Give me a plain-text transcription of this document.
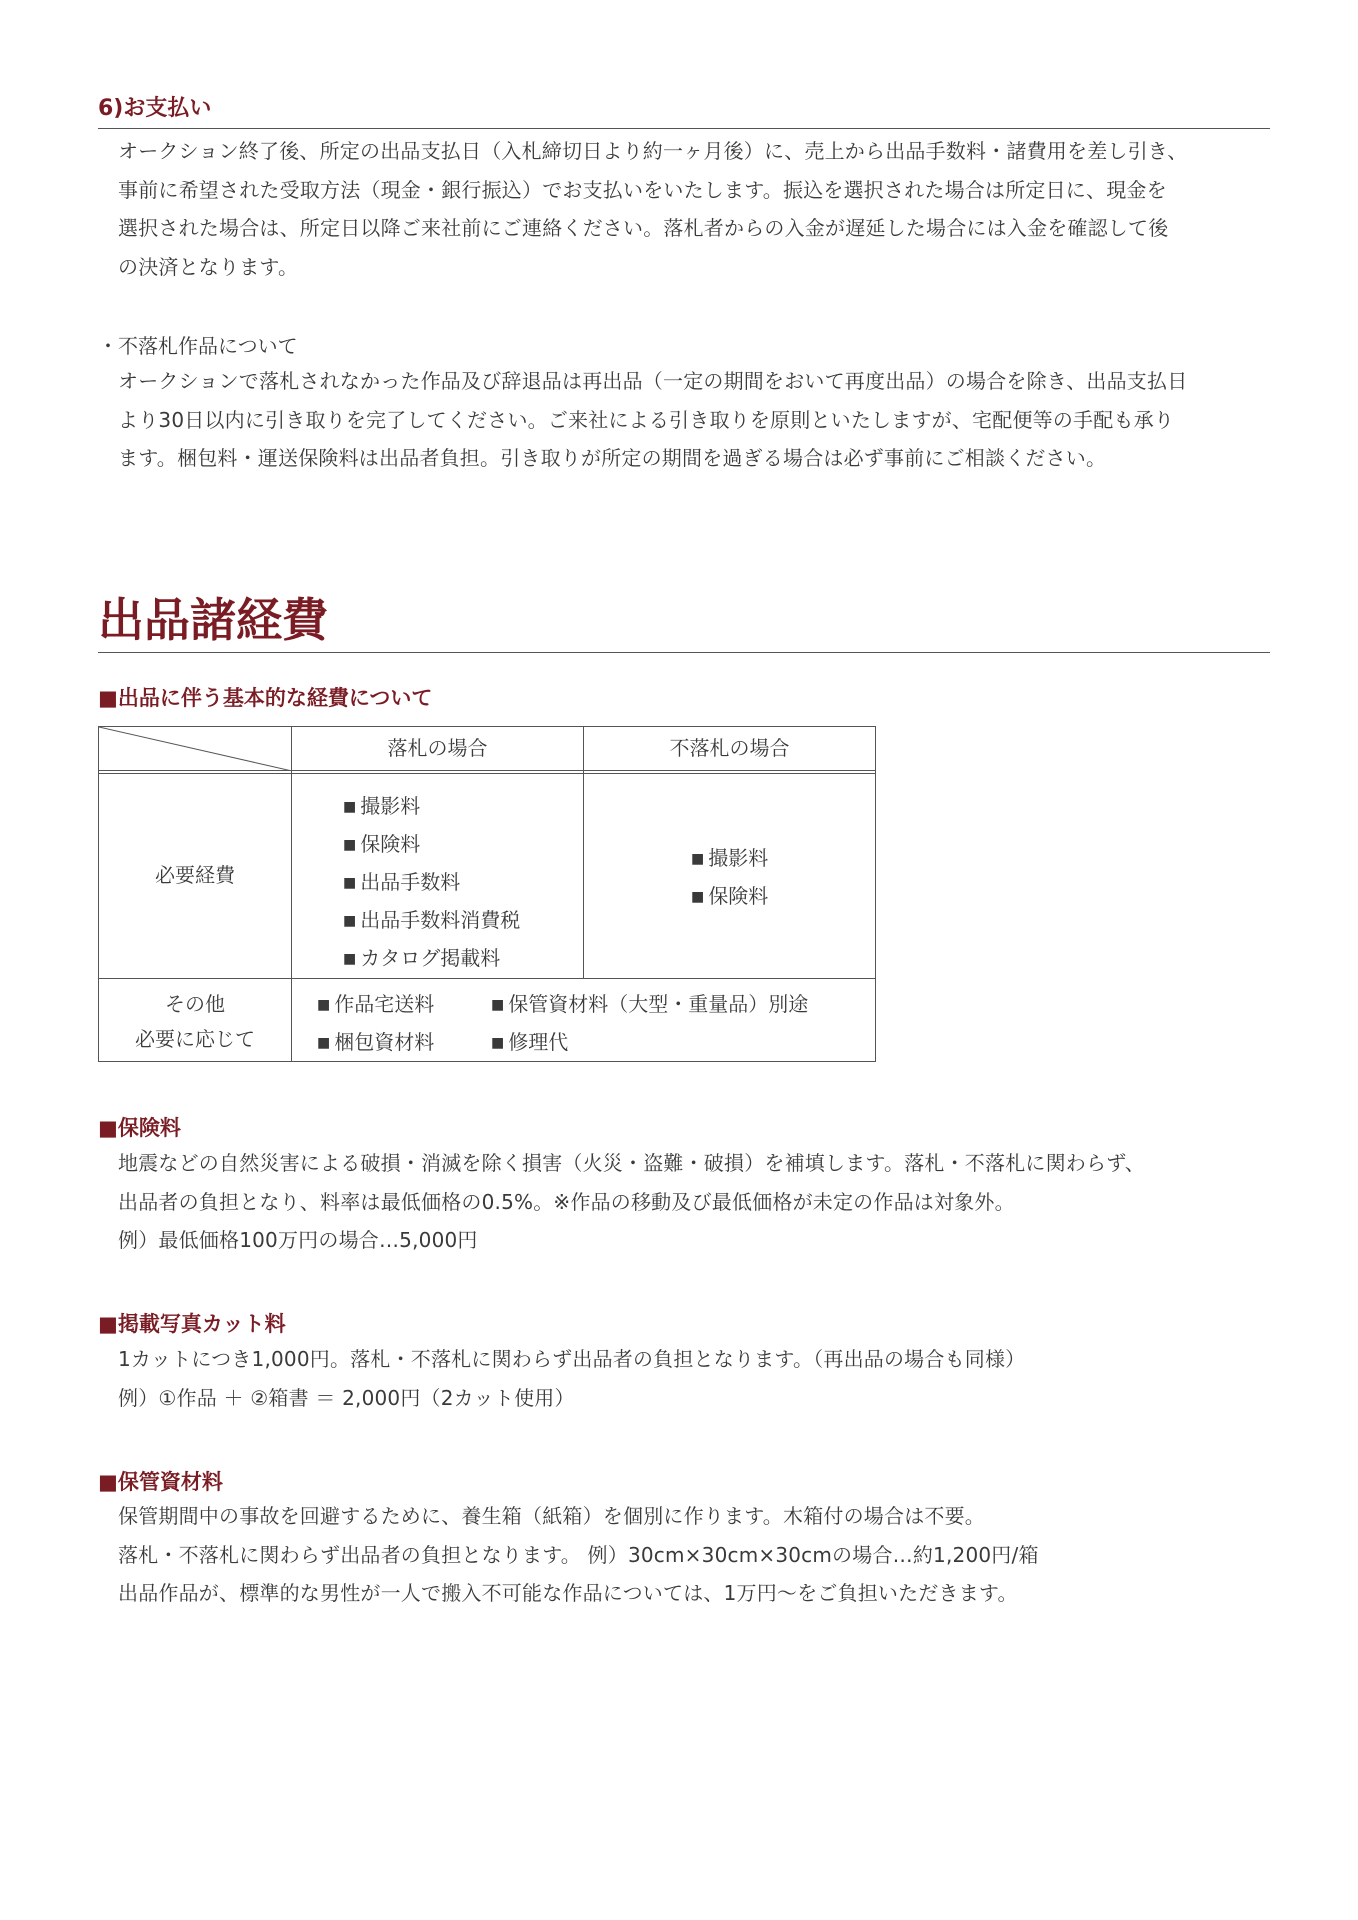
6)お支払い

オークション終了後、所定の出品支払日（入札締切日より約一ヶ月後）に、売上から出品手数料・諸費用を差し引き、

事前に希望された受取方法（現金・銀行振込）でお支払いをいたします。振込を選択された場合は所定日に、現金を

選択された場合は、所定日以降ご来社前にご連絡ください。落札者からの入金が遅延した場合には入金を確認して後

の決済となります。

・不落札作品について

オークションで落札されなかった作品及び辞退品は再出品（一定の期間をおいて再度出品）の場合を除き、出品支払日

より30日以内に引き取りを完了してください。ご来社による引き取りを原則といたしますが、宅配便等の手配も承り

ます。梱包料・運送保険料は出品者負担。引き取りが所定の期間を過ぎる場合は必ず事前にご相談ください。

出品諸経費
■出品に伴う基本的な経費について
落札の場合	不落札の場合
必要経費
■ 撮影料
■ 保険料
■ 出品手数料
■ 出品手数料消費税
■ カタログ掲載料
■ 撮影料
■ 保険料
その他
必要に応じて
■ 作品宅送料
■ 梱包資材料
■ 保管資材料（大型・重量品）別途
■ 修理代
■保険料

地震などの自然災害による破損・消滅を除く損害（火災・盗難・破損）を補填します。落札・不落札に関わらず、

出品者の負担となり、料率は最低価格の0.5%。※作品の移動及び最低価格が未定の作品は対象外。

例）最低価格100万円の場合…5,000円

■掲載写真カット料

1カットにつき1,000円。落札・不落札に関わらず出品者の負担となります。（再出品の場合も同様）

例）①作品 ＋ ②箱書 ＝ 2,000円（2カット使用）

■保管資材料

保管期間中の事故を回避するために、養生箱（紙箱）を個別に作ります。木箱付の場合は不要。

落札・不落札に関わらず出品者の負担となります。 例）30cm×30cm×30cmの場合…約1,200円/箱

出品作品が、標準的な男性が一人で搬入不可能な作品については、1万円〜をご負担いただきます。
